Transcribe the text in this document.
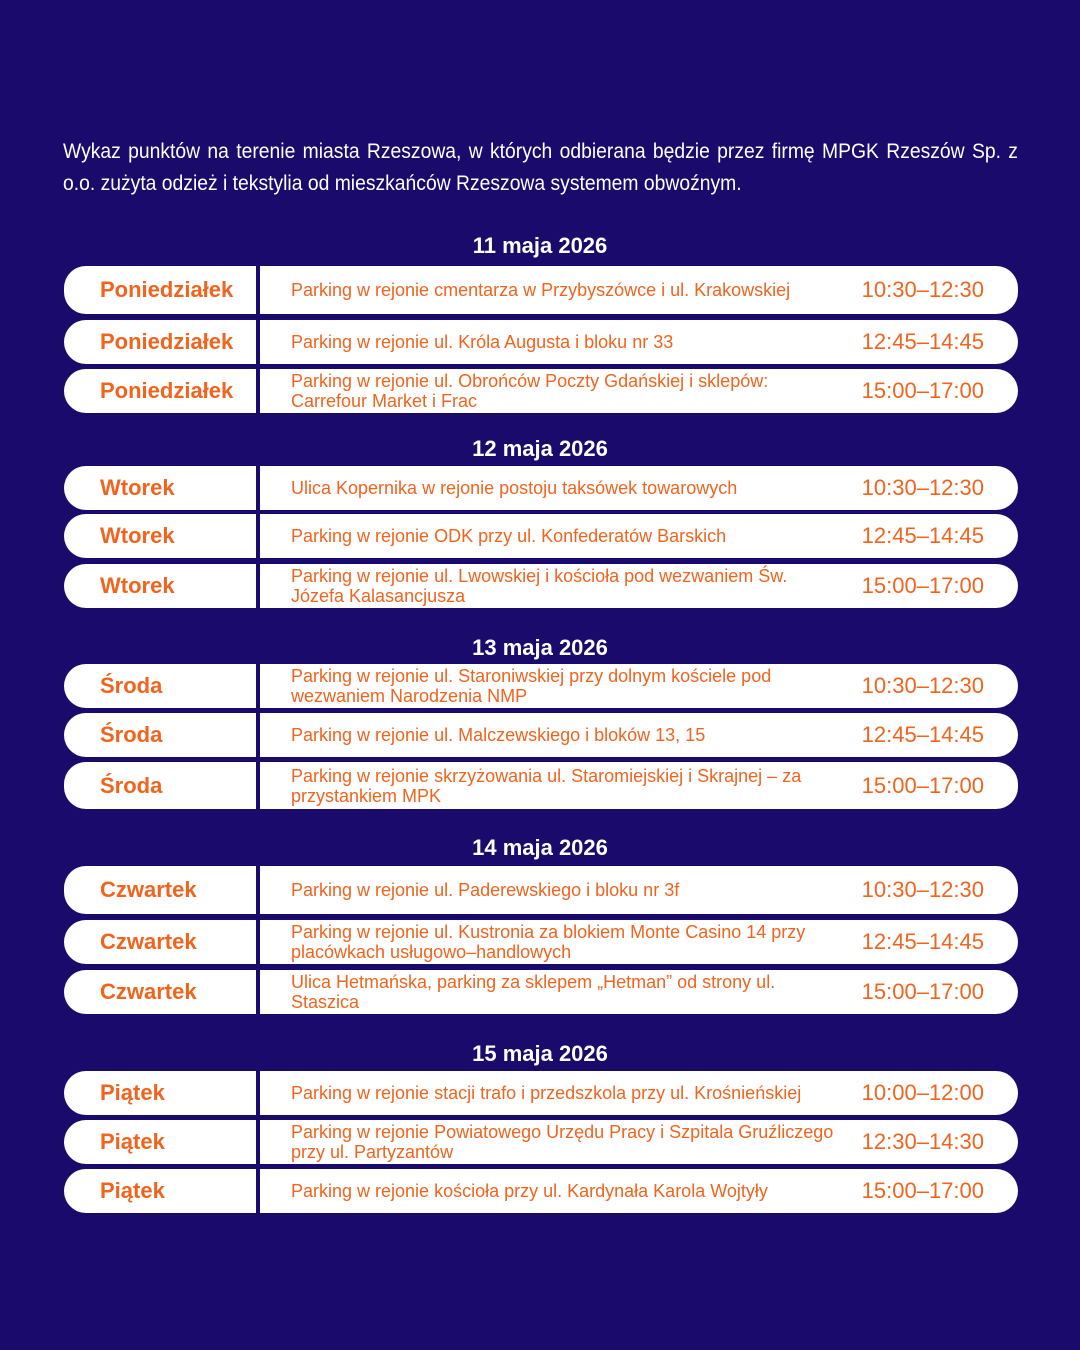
Wykaz punktów na terenie miasta Rzeszowa, w których odbierana będzie przez firmę MPGK Rzeszów Sp. z o.o. zużyta odzież i tekstylia od mieszkańców Rzeszowa systemem obwoźnym.
11 maja 2026
Poniedziałek	Parking w rejonie cmentarza w Przybyszówce i ul. Krakowskiej	10:30–12:30
Poniedziałek	Parking w rejonie ul. Króla Augusta i bloku nr 33	12:45–14:45
Poniedziałek	Parking w rejonie ul. Obrońców Poczty Gdańskiej i sklepów: Carrefour Market i Frac	15:00–17:00
12 maja 2026
Wtorek	Ulica Kopernika w rejonie postoju taksówek towarowych	10:30–12:30
Wtorek	Parking w rejonie ODK przy ul. Konfederatów Barskich	12:45–14:45
Wtorek	Parking w rejonie ul. Lwowskiej i kościoła pod wezwaniem Św. Józefa Kalasancjusza	15:00–17:00
13 maja 2026
Środa	Parking w rejonie ul. Staroniwskiej przy dolnym kościele pod wezwaniem Narodzenia NMP	10:30–12:30
Środa	Parking w rejonie ul. Malczewskiego i bloków 13, 15	12:45–14:45
Środa	Parking w rejonie skrzyżowania ul. Staromiejskiej i Skrajnej – za przystankiem MPK	15:00–17:00
14 maja 2026
Czwartek	Parking w rejonie ul. Paderewskiego i bloku nr 3f	10:30–12:30
Czwartek	Parking w rejonie ul. Kustronia za blokiem Monte Casino 14 przy placówkach usługowo–handlowych	12:45–14:45
Czwartek	Ulica Hetmańska, parking za sklepem „Hetman” od strony ul. Staszica	15:00–17:00
15 maja 2026
Piątek	Parking w rejonie stacji trafo i przedszkola przy ul. Krośnieńskiej	10:00–12:00
Piątek	Parking w rejonie Powiatowego Urzędu Pracy i Szpitala Gruźliczego przy ul. Partyzantów	12:30–14:30
Piątek	Parking w rejonie kościoła przy ul. Kardynała Karola Wojtyły	15:00–17:00
